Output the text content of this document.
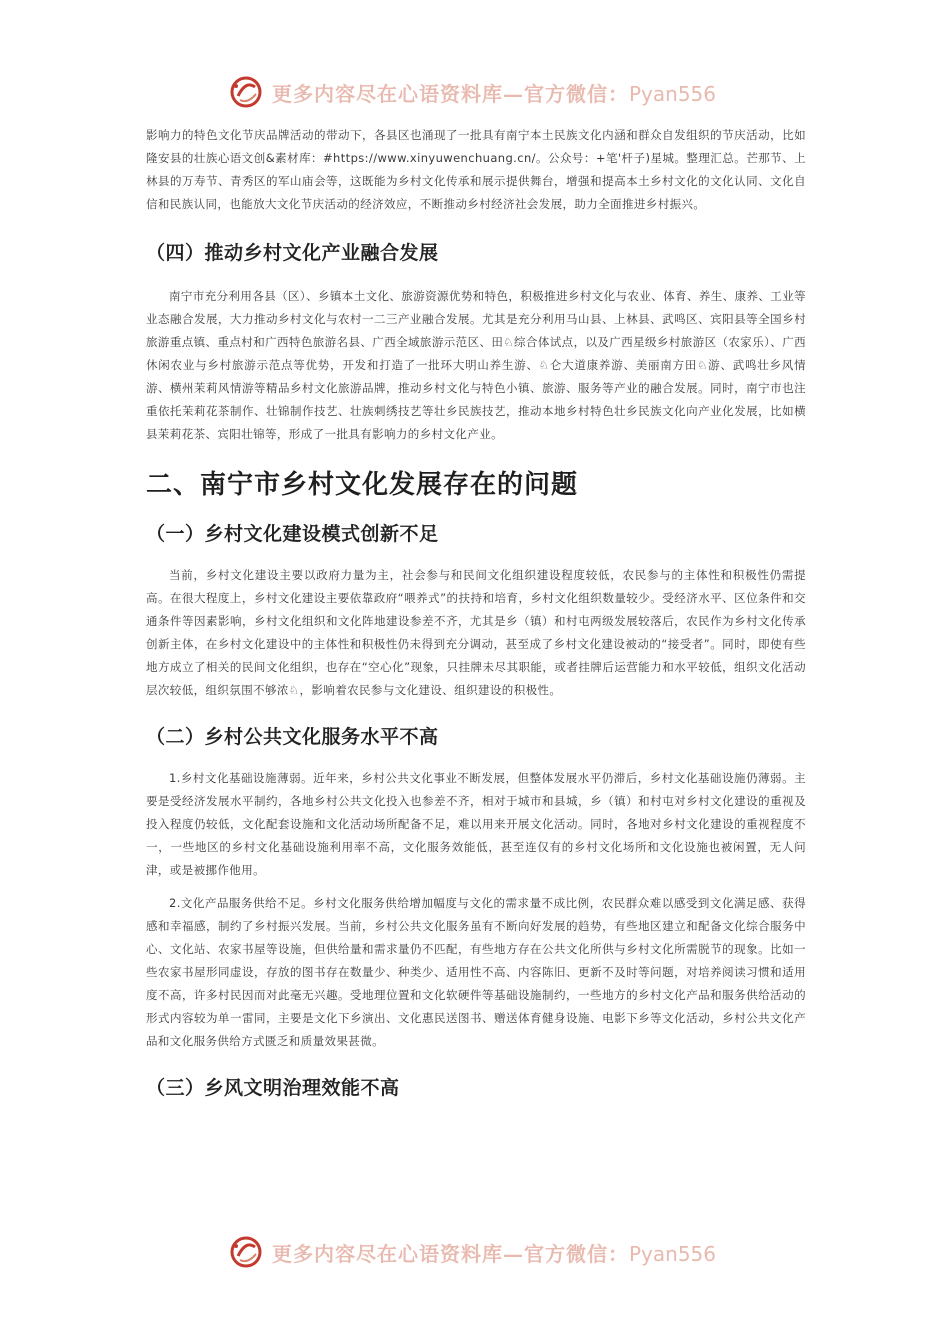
更多内容尽在心语资料库—官方微信：Pyan556

影响力的特色文化节庆品牌活动的带动下，各县区也涌现了一批具有南宁本土民族文化内涵和群众自发组织的节庆活动，比如隆安县的壮族心语文创&素材库：#https://www.xinyuwenchuang.cn/。公众号：+笔'杆子)星城。整理汇总。芒那节、上林县的万寿节、青秀区的军山庙会等，这既能为乡村文化传承和展示提供舞台，增强和提高本土乡村文化的文化认同、文化自信和民族认同，也能放大文化节庆活动的经济效应，不断推动乡村经济社会发展，助力全面推进乡村振兴。

（四）推动乡村文化产业融合发展

南宁市充分利用各县（区）、乡镇本土文化、旅游资源优势和特色，积极推进乡村文化与农业、体育、养生、康养、工业等业态融合发展，大力推动乡村文化与农村一二三产业融合发展。尤其是充分利用马山县、上林县、武鸣区、宾阳县等全国乡村旅游重点镇、重点村和广西特色旅游名县、广西全域旅游示范区、田♘综合体试点，以及广西星级乡村旅游区（农家乐）、广西休闲农业与乡村旅游示范点等优势，开发和打造了一批环大明山养生游、♘仑大道康养游、美丽南方田♘游、武鸣壮乡风情游、横州茉莉风情游等精品乡村文化旅游品牌，推动乡村文化与特色小镇、旅游、服务等产业的融合发展。同时，南宁市也注重依托茉莉花茶制作、壮锦制作技艺、壮族刺绣技艺等壮乡民族技艺，推动本地乡村特色壮乡民族文化向产业化发展，比如横县茉莉花茶、宾阳壮锦等，形成了一批具有影响力的乡村文化产业。

二、南宁市乡村文化发展存在的问题
（一）乡村文化建设模式创新不足

当前，乡村文化建设主要以政府力量为主，社会参与和民间文化组织建设程度较低，农民参与的主体性和积极性仍需提高。在很大程度上，乡村文化建设主要依靠政府“喂养式”的扶持和培育，乡村文化组织数量较少。受经济水平、区位条件和交通条件等因素影响，乡村文化组织和文化阵地建设参差不齐，尤其是乡（镇）和村屯两级发展较落后，农民作为乡村文化传承创新主体，在乡村文化建设中的主体性和积极性仍未得到充分调动，甚至成了乡村文化建设被动的“接受者”。同时，即使有些地方成立了相关的民间文化组织，也存在“空心化”现象，只挂牌未尽其职能，或者挂牌后运营能力和水平较低，组织文化活动层次较低，组织氛围不够浓♘，影响着农民参与文化建设、组织建设的积极性。

（二）乡村公共文化服务水平不高

1.乡村文化基础设施薄弱。近年来，乡村公共文化事业不断发展，但整体发展水平仍滞后，乡村文化基础设施仍薄弱。主要是受经济发展水平制约，各地乡村公共文化投入也参差不齐，相对于城市和县城，乡（镇）和村屯对乡村文化建设的重视及投入程度仍较低，文化配套设施和文化活动场所配备不足，难以用来开展文化活动。同时，各地对乡村文化建设的重视程度不一，一些地区的乡村文化基础设施利用率不高，文化服务效能低，甚至连仅有的乡村文化场所和文化设施也被闲置，无人问津，或是被挪作他用。

2.文化产品服务供给不足。乡村文化服务供给增加幅度与文化的需求量不成比例，农民群众难以感受到文化满足感、获得感和幸福感，制约了乡村振兴发展。当前，乡村公共文化服务虽有不断向好发展的趋势，有些地区建立和配备文化综合服务中心、文化站、农家书屋等设施，但供给量和需求量仍不匹配，有些地方存在公共文化所供与乡村文化所需脱节的现象。比如一些农家书屋形同虚设，存放的图书存在数量少、种类少、适用性不高、内容陈旧、更新不及时等问题，对培养阅读习惯和适用度不高，许多村民因而对此毫无兴趣。受地理位置和文化软硬件等基础设施制约，一些地方的乡村文化产品和服务供给活动的形式内容较为单一雷同，主要是文化下乡演出、文化惠民送图书、赠送体育健身设施、电影下乡等文化活动，乡村公共文化产品和文化服务供给方式匮乏和质量效果甚微。

（三）乡风文明治理效能不高
更多内容尽在心语资料库—官方微信：Pyan556
